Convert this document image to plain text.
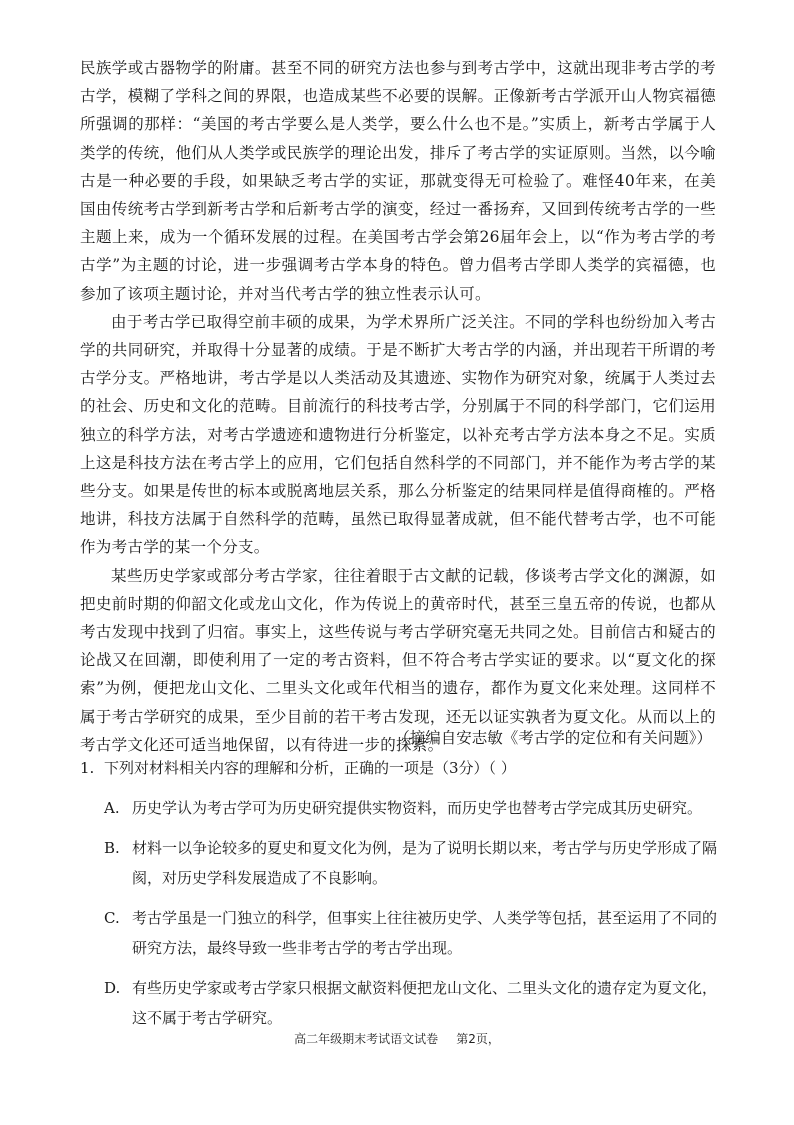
民族学或古器物学的附庸。甚至不同的研究方法也参与到考古学中，这就出现非考古学的考古学，模糊了学科之间的界限，也造成某些不必要的误解。正像新考古学派开山人物宾福德所强调的那样：“美国的考古学要么是人类学，要么什么也不是。”实质上，新考古学属于人类学的传统，他们从人类学或民族学的理论出发，排斥了考古学的实证原则。当然，以今喻古是一种必要的手段，如果缺乏考古学的实证，那就变得无可检验了。难怪40年来，在美国由传统考古学到新考古学和后新考古学的演变，经过一番扬弃，又回到传统考古学的一些主题上来，成为一个循环发展的过程。在美国考古学会第26届年会上，以“作为考古学的考古学”为主题的讨论，进一步强调考古学本身的特色。曾力倡考古学即人类学的宾福德，也参加了该项主题讨论，并对当代考古学的独立性表示认可。

由于考古学已取得空前丰硕的成果，为学术界所广泛关注。不同的学科也纷纷加入考古学的共同研究，并取得十分显著的成绩。于是不断扩大考古学的内涵，并出现若干所谓的考古学分支。严格地讲，考古学是以人类活动及其遗迹、实物作为研究对象，统属于人类过去的社会、历史和文化的范畴。目前流行的科技考古学，分别属于不同的科学部门，它们运用独立的科学方法，对考古学遗迹和遗物进行分析鉴定，以补充考古学方法本身之不足。实质上这是科技方法在考古学上的应用，它们包括自然科学的不同部门，并不能作为考古学的某些分支。如果是传世的标本或脱离地层关系，那么分析鉴定的结果同样是值得商榷的。严格地讲，科技方法属于自然科学的范畴，虽然已取得显著成就，但不能代替考古学，也不可能作为考古学的某一个分支。

某些历史学家或部分考古学家，往往着眼于古文献的记载，侈谈考古学文化的渊源，如把史前时期的仰韶文化或龙山文化，作为传说上的黄帝时代，甚至三皇五帝的传说，也都从考古发现中找到了归宿。事实上，这些传说与考古学研究毫无共同之处。目前信古和疑古的论战又在回潮，即使利用了一定的考古资料，但不符合考古学实证的要求。以“夏文化的探索”为例，便把龙山文化、二里头文化或年代相当的遗存，都作为夏文化来处理。这同样不属于考古学研究的成果，至少目前的若干考古发现，还无以证实孰者为夏文化。从而以上的考古学文化还可适当地保留，以有待进一步的探索。

（摘编自安志敏《考古学的定位和有关问题》）

1. 下列对材料相关内容的理解和分析，正确的一项是（3分）（ ）

A. 历史学认为考古学可为历史研究提供实物资料，而历史学也替考古学完成其历史研究。
B. 材料一以争论较多的夏史和夏文化为例，是为了说明长期以来，考古学与历史学形成了隔阂，对历史学科发展造成了不良影响。
C. 考古学虽是一门独立的科学，但事实上往往被历史学、人类学等包括，甚至运用了不同的研究方法，最终导致一些非考古学的考古学出现。
D. 有些历史学家或考古学家只根据文献资料便把龙山文化、二里头文化的遗存定为夏文化，这不属于考古学研究。
高二年级期末考试语文试卷 第2页，
